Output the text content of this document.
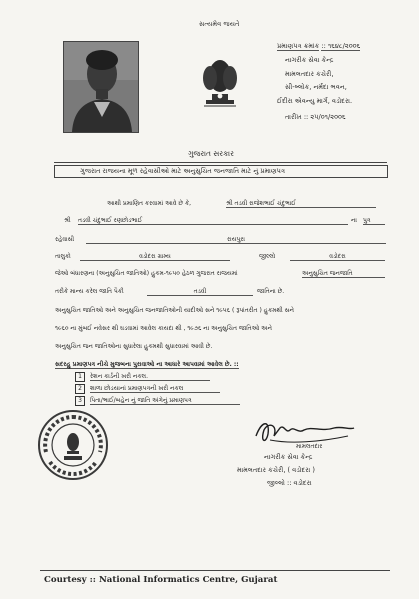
સત્યમેવ જયતે
પ્રમાણપત્ર ક્રમાંક :: ૧૬૪૮/૨૦૦૬
નાગરીક સેવા કેન્દ્ર
મામલતદાર કચેરી,
સી-બ્લોક, નર્મદા ભવન,
ઈંદીરા એવન્યુ માર્ગ, વડોદરા.
તારીખ :: ૨૫/૦૧/૨૦૦૬
ગુજરાત સરકાર
ગુજરાત રાજયના મૂળ રહેવાસીઓ માટે અનુસુચિત જનજાતિ માટે નું પ્રમાણપત્ર
આથી પ્રમાણિત કરવામાં આવે છે કે,	શ્રી તડવી રાજેશભાઈ ચંદુભાઈ
શ્રી તડવી ચંદુભાઈ રણછોડભાઈ	ના પુત્ર
રહેવાસી	રાયપુરા
તાલુકો	વડોદરા ગ્રામ્ય	જીલ્લો	વડોદરા
જેઓ બંધારણના (અનુસુચિત જાતિઓ) હુકમ-૧૯૫૦ હેઠળ ગુજરાત રાજયમાં	અનુસુચિત જનજાતિ
તરીકે માન્ય કરેલ જાતિ પૈકી	તડવી	જાતિના છે.
અનુસુચિત જાતિઓ અને અનુસુચિત જનજાતિઓની યાદીઓ સને ૧૯૫૬ ( રૂપાંતરીત ) હુકમથી સને
૧૯૬૦ ના મુંબઈ નવેસર થી ઘડવામાં આવેલ કાયદા થી , ૧૯૭૬ ના અનુસુચિત જાતિઓ અને
અનુસુચિત જન જાતિઓના સુધારેલા હુકમથી સુધારવામાં આવી છે.
સદરહુ પ્રમાણપત્ર નીચે મુજબના પુરાવાઓ ના આધારે આપવામાં આવેલ છે. ::
1	રેશન કાર્ડની ખરી નકલ.
2	શાળા છોડયાનાં પ્રમાણપત્રની ખરી નકલ
3	પિતા/ભાઈ/બહેન નું જાતિ અંગેનું પ્રમાણપત્ર
મામલતદાર
નાગરીક સેવા કેન્દ્ર
મામલતદાર કચેરી, ( વડોદરા )
જીલ્લો :: વડોદરા
Courtesy :: National Informatics Centre, Gujarat
